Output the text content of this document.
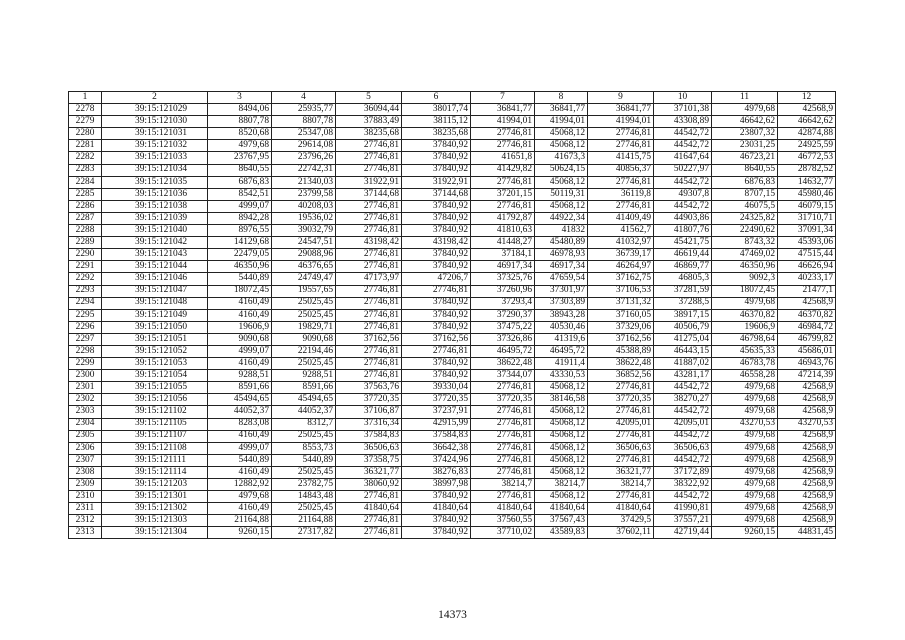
1	2	3	4	5	6	7	8	9	10	11	12
2278	39:15:121029	8494,06	25935,77	36094,44	38017,74	36841,77	36841,77	36841,77	37101,38	4979,68	42568,9
2279	39:15:121030	8807,78	8807,78	37883,49	38115,12	41994,01	41994,01	41994,01	43308,89	46642,62	46642,62
2280	39:15:121031	8520,68	25347,08	38235,68	38235,68	27746,81	45068,12	27746,81	44542,72	23807,32	42874,88
2281	39:15:121032	4979,68	29614,08	27746,81	37840,92	27746,81	45068,12	27746,81	44542,72	23031,25	24925,59
2282	39:15:121033	23767,95	23796,26	27746,81	37840,92	41651,8	41673,3	41415,75	41647,64	46723,21	46772,53
2283	39:15:121034	8640,55	22742,31	27746,81	37840,92	41429,82	50624,15	40856,37	50227,97	8640,55	28782,52
2284	39:15:121035	6876,83	21340,03	31922,91	31922,91	27746,81	45068,12	27746,81	44542,72	6876,83	14632,77
2285	39:15:121036	8542,51	23799,58	37144,68	37144,68	37201,15	50119,31	36119,8	49307,8	8707,15	45980,46
2286	39:15:121038	4999,07	40208,03	27746,81	37840,92	27746,81	45068,12	27746,81	44542,72	46075,5	46079,15
2287	39:15:121039	8942,28	19536,02	27746,81	37840,92	41792,87	44922,34	41409,49	44903,86	24325,82	31710,71
2288	39:15:121040	8976,55	39032,79	27746,81	37840,92	41810,63	41832	41562,7	41807,76	22490,62	37091,34
2289	39:15:121042	14129,68	24547,51	43198,42	43198,42	41448,27	45480,89	41032,97	45421,75	8743,32	45393,06
2290	39:15:121043	22479,05	29088,96	27746,81	37840,92	37184,1	46978,93	36739,17	46619,44	47469,02	47515,44
2291	39:15:121044	46350,96	46376,65	27746,81	37840,92	46917,34	46917,34	46264,97	46869,77	46350,96	46626,94
2292	39:15:121046	5440,89	24749,47	47173,97	47206,7	37325,76	47659,54	37162,75	46805,3	9092,3	40233,17
2293	39:15:121047	18072,45	19557,65	27746,81	27746,81	37260,96	37301,97	37106,53	37281,59	18072,45	21477,1
2294	39:15:121048	4160,49	25025,45	27746,81	37840,92	37293,4	37303,89	37131,32	37288,5	4979,68	42568,9
2295	39:15:121049	4160,49	25025,45	27746,81	37840,92	37290,37	38943,28	37160,05	38917,15	46370,82	46370,82
2296	39:15:121050	19606,9	19829,71	27746,81	37840,92	37475,22	40530,46	37329,06	40506,79	19606,9	46984,72
2297	39:15:121051	9090,68	9090,68	37162,56	37162,56	37326,86	41319,6	37162,56	41275,04	46798,64	46799,82
2298	39:15:121052	4999,07	22194,46	27746,81	27746,81	46495,72	46495,72	45388,89	46443,15	45635,33	45686,01
2299	39:15:121053	4160,49	25025,45	27746,81	37840,92	38622,48	41911,4	38622,48	41887,02	46783,78	46943,76
2300	39:15:121054	9288,51	9288,51	27746,81	37840,92	37344,07	43330,53	36852,56	43281,17	46558,28	47214,39
2301	39:15:121055	8591,66	8591,66	37563,76	39330,04	27746,81	45068,12	27746,81	44542,72	4979,68	42568,9
2302	39:15:121056	45494,65	45494,65	37720,35	37720,35	37720,35	38146,58	37720,35	38270,27	4979,68	42568,9
2303	39:15:121102	44052,37	44052,37	37106,87	37237,91	27746,81	45068,12	27746,81	44542,72	4979,68	42568,9
2304	39:15:121105	8283,08	8312,7	37316,34	42915,99	27746,81	45068,12	42095,01	42095,01	43270,53	43270,53
2305	39:15:121107	4160,49	25025,45	37584,83	37584,83	27746,81	45068,12	27746,81	44542,72	4979,68	42568,9
2306	39:15:121108	4999,07	8553,73	36506,63	36642,38	27746,81	45068,12	36506,63	36506,63	4979,68	42568,9
2307	39:15:121111	5440,89	5440,89	37358,75	37424,96	27746,81	45068,12	27746,81	44542,72	4979,68	42568,9
2308	39:15:121114	4160,49	25025,45	36321,77	38276,83	27746,81	45068,12	36321,77	37172,89	4979,68	42568,9
2309	39:15:121203	12882,92	23782,75	38060,92	38997,98	38214,7	38214,7	38214,7	38322,92	4979,68	42568,9
2310	39:15:121301	4979,68	14843,48	27746,81	37840,92	27746,81	45068,12	27746,81	44542,72	4979,68	42568,9
2311	39:15:121302	4160,49	25025,45	41840,64	41840,64	41840,64	41840,64	41840,64	41990,81	4979,68	42568,9
2312	39:15:121303	21164,88	21164,88	27746,81	37840,92	37560,55	37567,43	37429,5	37557,21	4979,68	42568,9
2313	39:15:121304	9260,15	27317,82	27746,81	37840,92	37710,02	43589,83	37602,11	42719,44	9260,15	44831,45
14373
